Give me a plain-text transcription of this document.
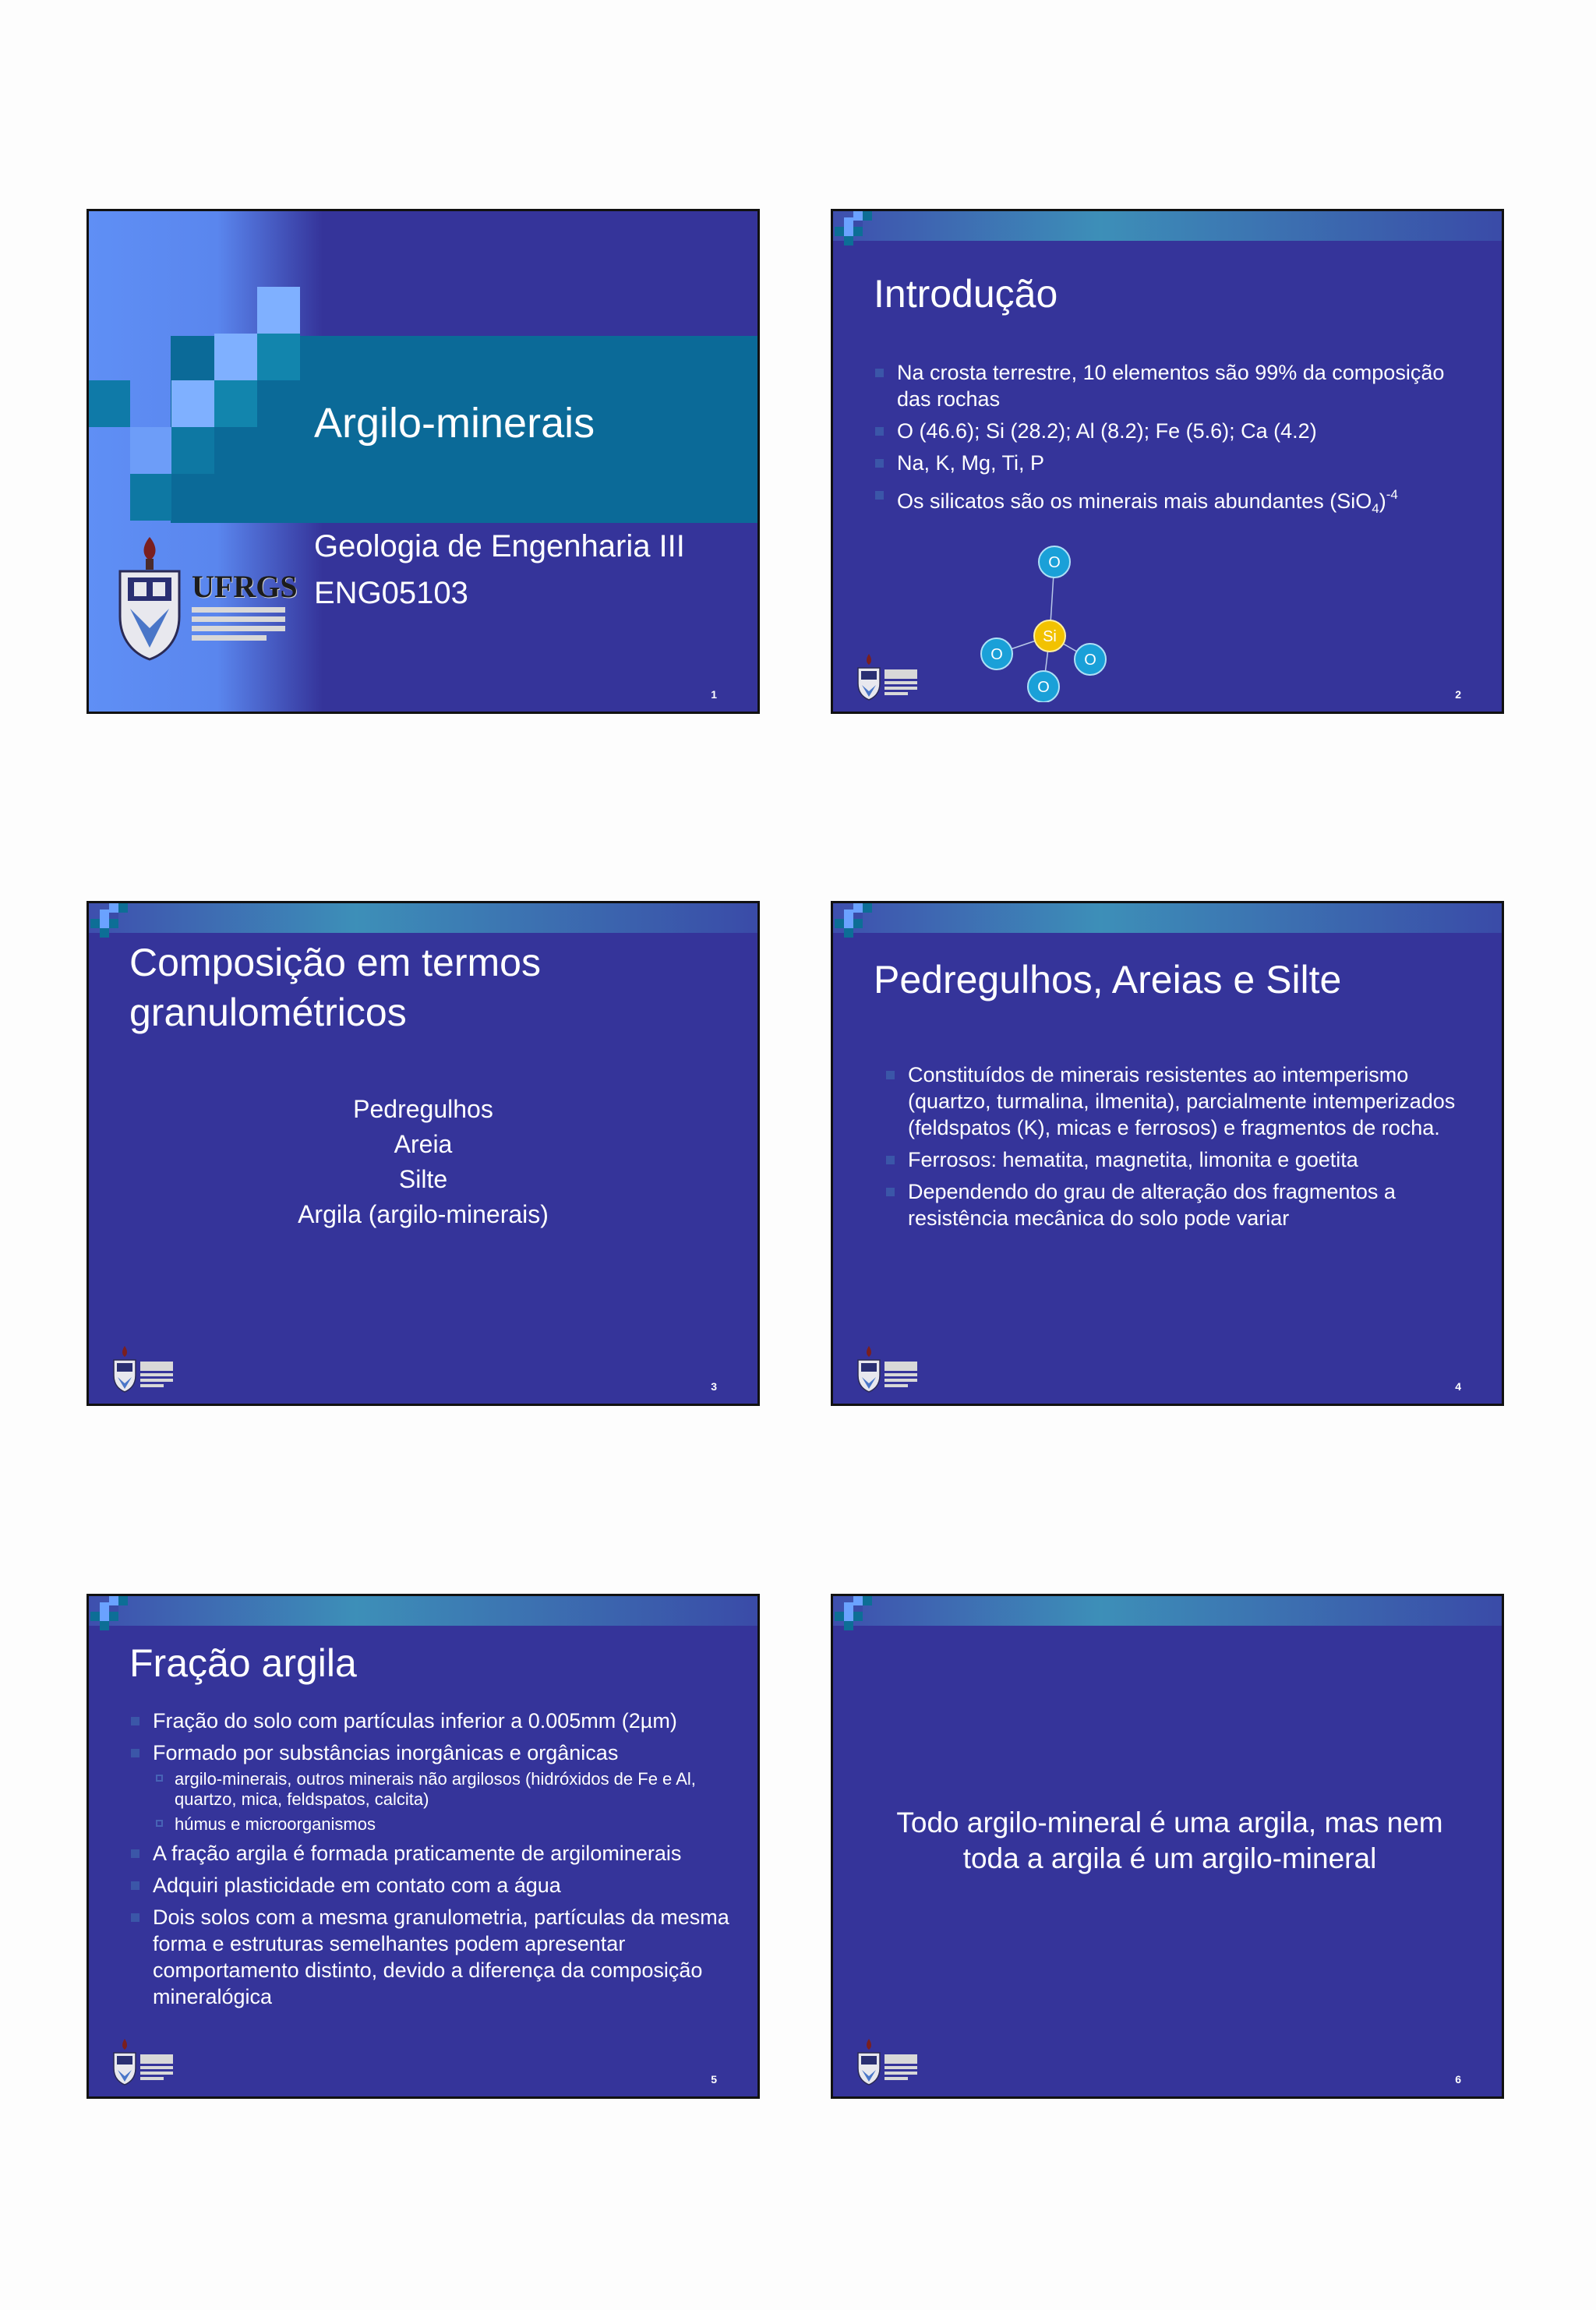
Argilo-minerais
Geologia de Engenharia III
ENG05103
UFRGS
1
Introdução
Na crosta terrestre, 10 elementos são 99% da composição das rochas
O (46.6); Si (28.2); Al (8.2); Fe (5.6); Ca (4.2)
Na, K, Mg, Ti, P
Os silicatos são os minerais mais abundantes $(SiO_4)^{-4}$
O
Si
O	O
O	2
Composição em termos granulométricos
Pedregulhos
Areia
Silte
Argila (argilo-minerais)
3
Pedregulhos, Areias e Silte
Constituídos de minerais resistentes ao intemperismo (quartzo, turmalina, ilmenita), parcialmente intemperizados (feldspatos (K), micas e ferrosos) e fragmentos de rocha.
Ferrosos: hematita, magnetita, limonita e goetita
Dependendo do grau de alteração dos fragmentos a resistência mecânica do solo pode variar
4
Fração argila
Fração do solo com partículas inferior a 0.005mm (2µm)
Formado por substâncias inorgânicas e orgânicas
argilo-minerais, outros minerais não argilosos (hidróxidos de Fe e Al, quartzo, mica, feldspatos, calcita)
húmus e microorganismos
A fração argila é formada praticamente de argilominerais
Adquiri plasticidade em contato com a água
Dois solos com a mesma granulometria, partículas da mesma forma e estruturas semelhantes podem apresentar comportamento distinto, devido a diferença da composição mineralógica
5
Todo argilo-mineral é uma argila, mas nem toda a argila é um argilo-mineral
6
